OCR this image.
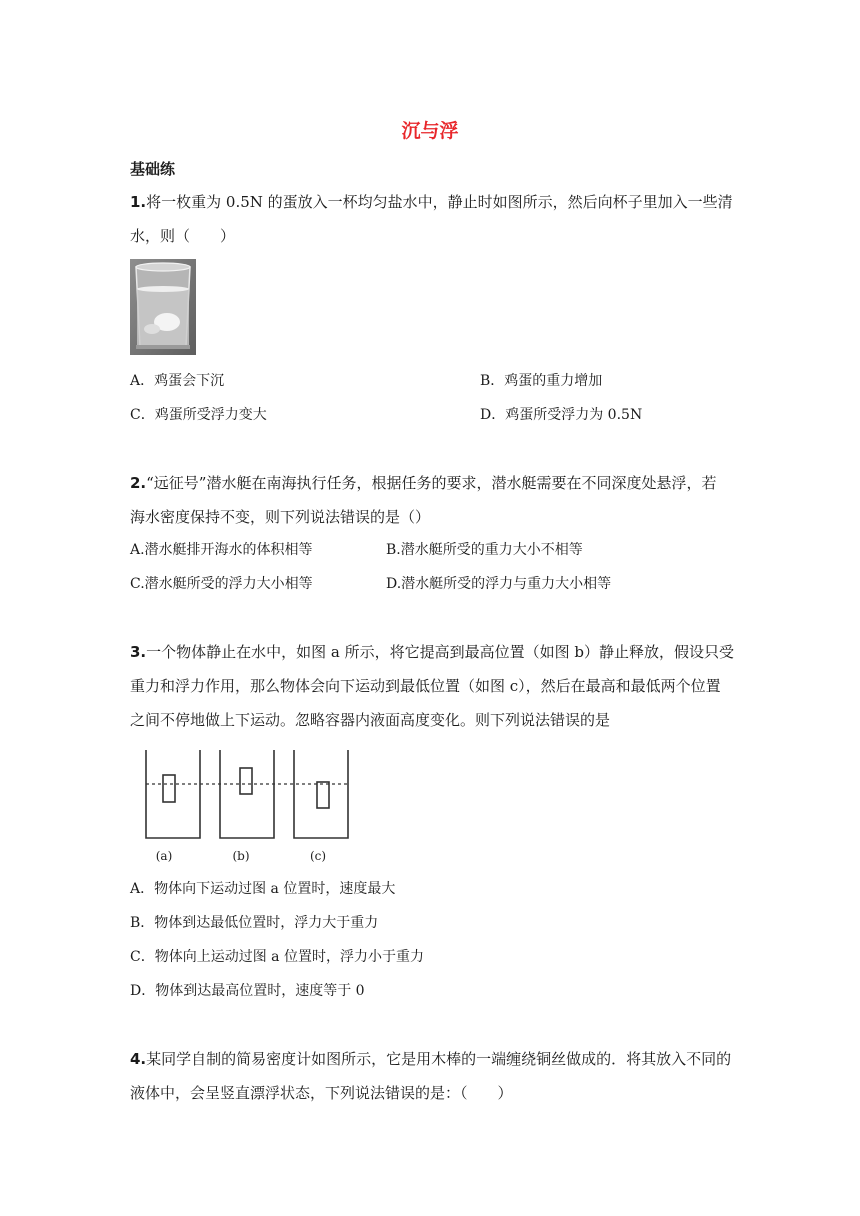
沉与浮
基础练
1.将一枚重为 0.5N 的蛋放入一杯均匀盐水中，静止时如图所示，然后向杯子里加入一些清
水，则（　　）
A．鸡蛋会下沉	B．鸡蛋的重力增加
C．鸡蛋所受浮力变大	D．鸡蛋所受浮力为 0.5N
2.“远征号”潜水艇在南海执行任务，根据任务的要求，潜水艇需要在不同深度处悬浮，若
海水密度保持不变，则下列说法错误的是（）
A.潜水艇排开海水的体积相等	B.潜水艇所受的重力大小不相等
C.潜水艇所受的浮力大小相等	D.潜水艇所受的浮力与重力大小相等
3.一个物体静止在水中，如图 a 所示，将它提高到最高位置（如图 b）静止释放，假设只受
重力和浮力作用，那么物体会向下运动到最低位置（如图 c），然后在最高和最低两个位置
之间不停地做上下运动。忽略容器内液面高度变化。则下列说法错误的是
(a)	(b)	(c)
A．物体向下运动过图 a 位置时，速度最大
B．物体到达最低位置时，浮力大于重力
C．物体向上运动过图 a 位置时，浮力小于重力
D．物体到达最高位置时，速度等于 0
4.某同学自制的简易密度计如图所示，它是用木棒的一端缠绕铜丝做成的．将其放入不同的
液体中，会呈竖直漂浮状态，下列说法错误的是：（　　）
